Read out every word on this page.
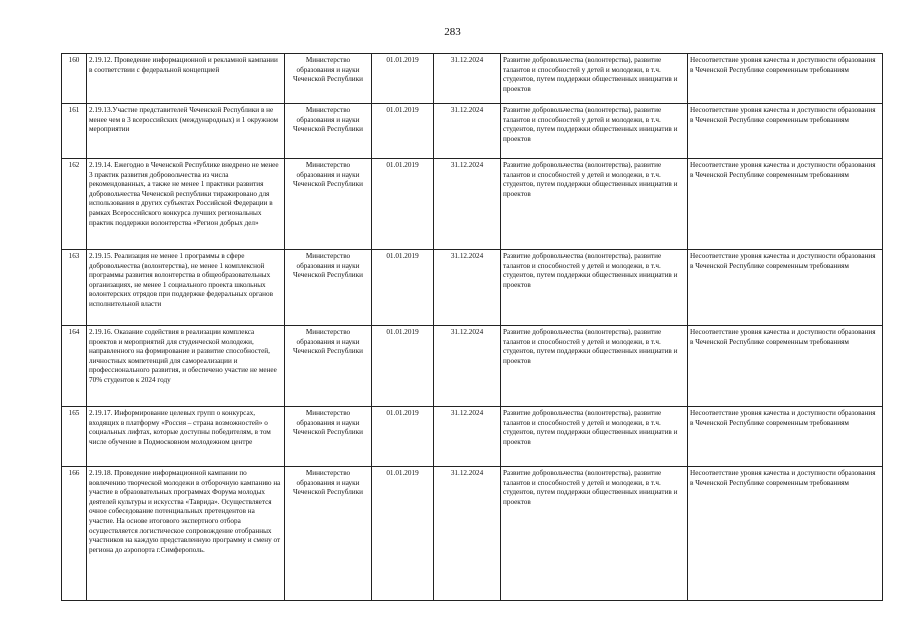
283
160	2.19.12. Проведение информационной и рекламной кампании в соответствии с федеральной концепцией	Министерство образования и науки Чеченской Республики	01.01.2019	31.12.2024	Развитие добровольчества (волонтерства), развитие талантов и способностей у детей и молодежи, в т.ч. студентов, путем поддержки общественных инициатив и проектов	Несоответствие уровня качества и доступности образования в Чеченской Республике современным требованиям
161	2.19.13.Участие представителей Чеченской Республики в не менее чем в 3 всероссийских (международных) и 1 окружном мероприятии	Министерство образования и науки Чеченской Республики	01.01.2019	31.12.2024	Развитие добровольчества (волонтерства), развитие талантов и способностей у детей и молодежи, в т.ч. студентов, путем поддержки общественных инициатив и проектов	Несоответствие уровня качества и доступности образования в Чеченской Республике современным требованиям
162	2.19.14. Ежегодно в Чеченской Республике внедрено не менее 3 практик развития добровольчества из числа рекомендованных, а также не менее 1 практики развития добровольчества Чеченской республики тиражировано для использования в других субъектах Российской Федерации в рамках Всероссийского конкурса лучших региональных практик поддержки волонтерства «Регион добрых дел»	Министерство образования и науки Чеченской Республики	01.01.2019	31.12.2024	Развитие добровольчества (волонтерства), развитие талантов и способностей у детей и молодежи, в т.ч. студентов, путем поддержки общественных инициатив и проектов	Несоответствие уровня качества и доступности образования в Чеченской Республике современным требованиям
163	2.19.15. Реализация не менее 1 программы в сфере добровольчества (волонтерства), не менее 1 комплексной программы развития волонтерства в общеобразовательных организациях, не менее 1 социального проекта школьных волонтерских отрядов при поддержке федеральных органов исполнительной власти	Министерство образования и науки Чеченской Республики	01.01.2019	31.12.2024	Развитие добровольчества (волонтерства), развитие талантов и способностей у детей и молодежи, в т.ч. студентов, путем поддержки общественных инициатив и проектов	Несоответствие уровня качества и доступности образования в Чеченской Республике современным требованиям
164	2.19.16. Оказание содействия в реализации комплекса проектов и мероприятий для студенческой молодежи, направленного на формирование и развитие способностей, личностных компетенций для самореализации и профессионального развития, и обеспечено участие не менее 70% студентов к 2024 году	Министерство образования и науки Чеченской Республики	01.01.2019	31.12.2024	Развитие добровольчества (волонтерства), развитие талантов и способностей у детей и молодежи, в т.ч. студентов, путем поддержки общественных инициатив и проектов	Несоответствие уровня качества и доступности образования в Чеченской Республике современным требованиям
165	2.19.17. Информирование целевых групп о конкурсах, входящих в платформу «Россия – страна возможностей» о социальных лифтах, которые доступны победителям, в том числе обучение в Подмосковном молодежном центре	Министерство образования и науки Чеченской Республики	01.01.2019	31.12.2024	Развитие добровольчества (волонтерства), развитие талантов и способностей у детей и молодежи, в т.ч. студентов, путем поддержки общественных инициатив и проектов	Несоответствие уровня качества и доступности образования в Чеченской Республике современным требованиям
166	2.19.18. Проведение информационной кампании по вовлечению творческой молодежи в отборочную кампанию на участие в образовательных программах Форума молодых деятелей культуры и искусства «Таврида». Осуществляется очное собеседование потенциальных претендентов на участие. На основе итогового экспертного отбора осуществляется логистическое сопровождение отобранных участников на каждую представленную программу и смену от региона до аэропорта г.Симферополь.	Министерство образования и науки Чеченской Республики	01.01.2019	31.12.2024	Развитие добровольчества (волонтерства), развитие талантов и способностей у детей и молодежи, в т.ч. студентов, путем поддержки общественных инициатив и проектов	Несоответствие уровня качества и доступности образования в Чеченской Республике современным требованиям
